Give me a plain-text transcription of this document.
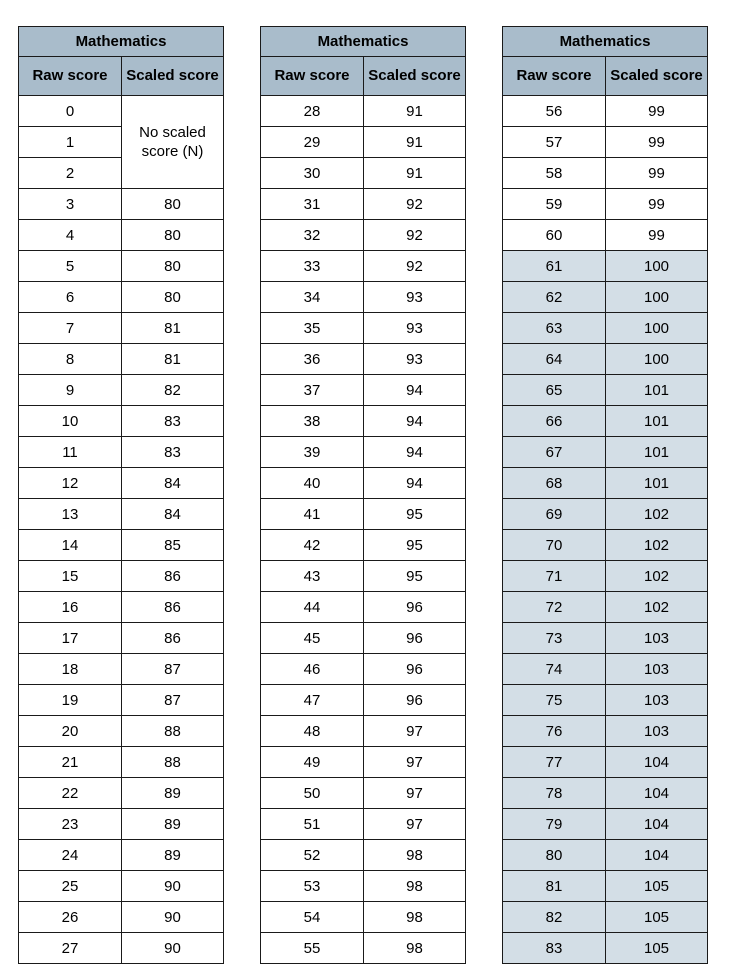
Mathematics	
Raw score	Scaled score
0	No scaled score (N)
1	
2	
3	80
4	80
5	80
6	80
7	81
8	81
9	82
10	83
11	83
12	84
13	84
14	85
15	86
16	86
17	86
18	87
19	87
20	88
21	88
22	89
23	89
24	89
25	90
26	90
27	90
Mathematics	
Raw score	Scaled score
28	91
29	91
30	91
31	92
32	92
33	92
34	93
35	93
36	93
37	94
38	94
39	94
40	94
41	95
42	95
43	95
44	96
45	96
46	96
47	96
48	97
49	97
50	97
51	97
52	98
53	98
54	98
55	98
Mathematics	
Raw score	Scaled score
56	99
57	99
58	99
59	99
60	99
61	100
62	100
63	100
64	100
65	101
66	101
67	101
68	101
69	102
70	102
71	102
72	102
73	103
74	103
75	103
76	103
77	104
78	104
79	104
80	104
81	105
82	105
83	105
